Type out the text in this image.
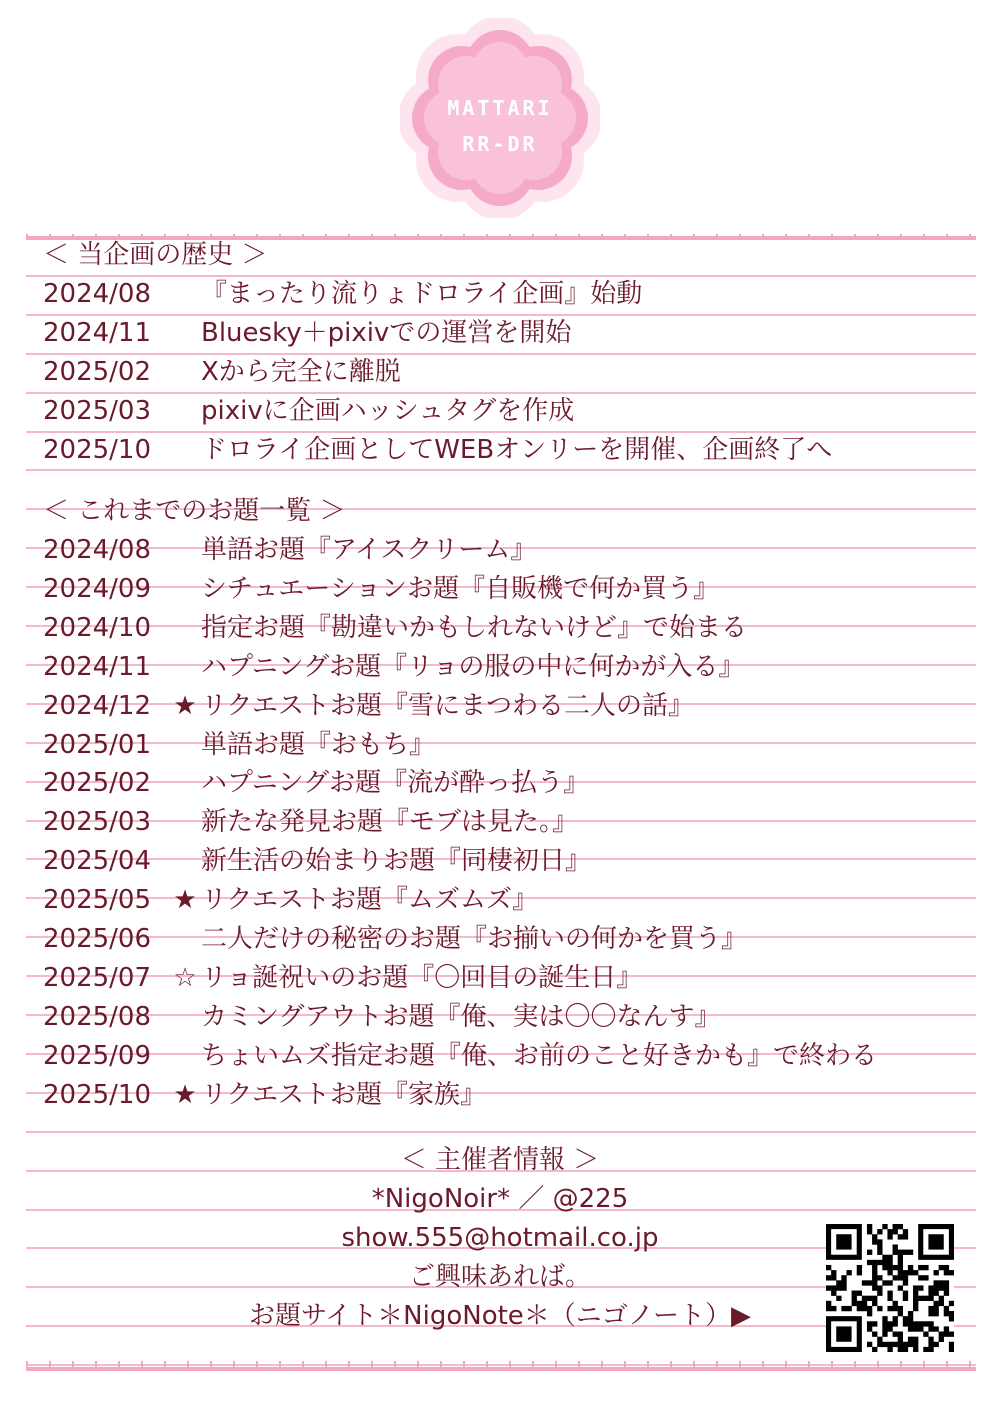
MATTARI
RR-DR
＜ 当企画の歴史 ＞
2024/08 『まったり流りょドロライ企画』始動
2024/11 Bluesky＋pixivでの運営を開始
2025/02 Xから完全に離脱
2025/03 pixivに企画ハッシュタグを作成
2025/10 ドロライ企画としてWEBオンリーを開催、企画終了へ
＜ これまでのお題一覧 ＞
2024/08 単語お題『アイスクリーム』
2024/09 シチュエーションお題『自販機で何か買う』
2024/10 指定お題『勘違いかもしれないけど』で始まる
2024/11 ハプニングお題『リョの服の中に何かが入る』
2024/12 ★ リクエストお題『雪にまつわる二人の話』
2025/01 単語お題『おもち』
2025/02 ハプニングお題『流が酔っ払う』
2025/03 新たな発見お題『モブは見た。』
2025/04 新生活の始まりお題『同棲初日』
2025/05 ★ リクエストお題『ムズムズ』
2025/06 二人だけの秘密のお題『お揃いの何かを買う』
2025/07 ☆ リョ誕祝いのお題『〇回目の誕生日』
2025/08 カミングアウトお題『俺、実は〇〇なんす』
2025/09 ちょいムズ指定お題『俺、お前のこと好きかも』で終わる
2025/10 ★ リクエストお題『家族』
＜ 主催者情報 ＞
*NigoNoir* ／ @225
show.555@hotmail.co.jp
ご興味あれば。
お題サイト＊NigoNote＊（ニゴノート）▶
